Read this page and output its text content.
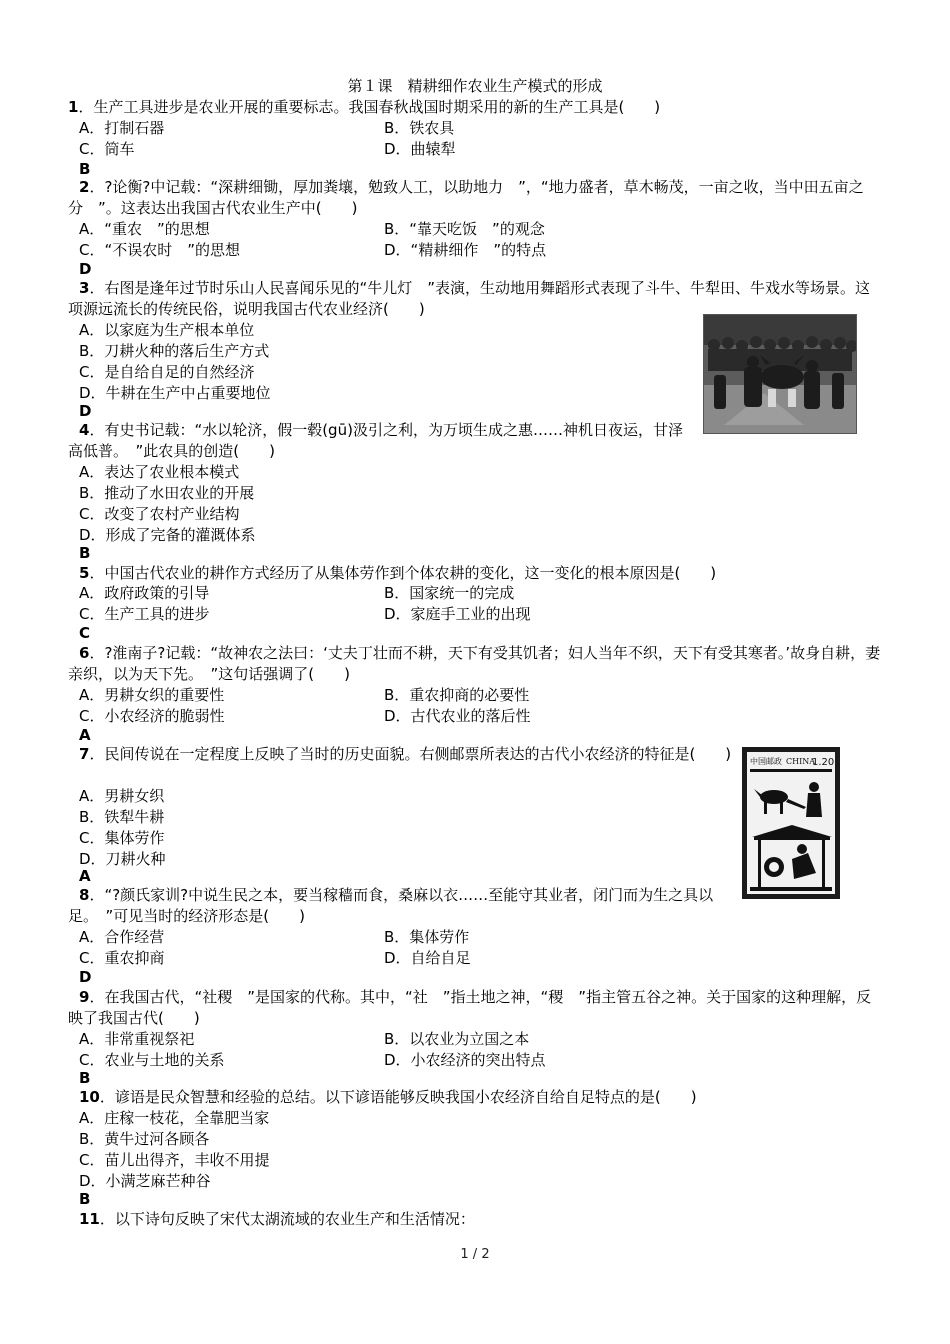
第１课　精耕细作农业生产模式的形成
1．生产工具进步是农业开展的重要标志。我国春秋战国时期采用的新的生产工具是(　　)
A．打制石器	B．铁农具
C．筒车	D．曲辕犁
B
2．?论衡?中记载：“深耕细锄，厚加粪壤，勉致人工，以助地力　”，“地力盛者，草木畅茂，一亩之收，当中田五亩之分　”。这表达出我国古代农业生产中(　　)
A．“重农　”的思想	B．“靠天吃饭　”的观念
C．“不误农时　”的思想	D．“精耕细作　”的特点
D
3．右图是逢年过节时乐山人民喜闻乐见的“牛儿灯　”表演，生动地用舞蹈形式表现了斗牛、牛犁田、牛戏水等场景。这项源远流长的传统民俗，说明我国古代农业经济(　　)
A．以家庭为生产根本单位
B．刀耕火种的落后生产方式
C．是自给自足的自然经济
D．牛耕在生产中占重要地位
D
4．有史书记载：“水以轮济，假一毂(gū)汲引之利，为万顷生成之惠……神机日夜运，甘泽高低普。　”此农具的创造(　　)
A．表达了农业根本模式
B．推动了水田农业的开展
C．改变了农村产业结构
D．形成了完备的灌溉体系
B
5．中国古代农业的耕作方式经历了从集体劳作到个体农耕的变化，这一变化的根本原因是(　　)
A．政府政策的引导	B．国家统一的完成
C．生产工具的进步	D．家庭手工业的出现
C
6．?淮南子?记载：“故神农之法曰：‘丈夫丁壮而不耕，天下有受其饥者；妇人当年不织，天下有受其寒者。’故身自耕，妻亲织，以为天下先。　”这句话强调了(　　)
A．男耕女织的重要性	B．重农抑商的必要性
C．小农经济的脆弱性	D．古代农业的落后性
A
7．民间传说在一定程度上反映了当时的历史面貌。右侧邮票所表达的古代小农经济的特征是(　　)
A．男耕女织
B．铁犁牛耕
C．集体劳作
D．刀耕火种
A
中国邮政 CHINA
1.20
8．“?颜氏家训?中说生民之本，要当稼穑而食，桑麻以衣……至能守其业者，闭门而为生之具以足。　”可见当时的经济形态是(　　)
A．合作经营	B．集体劳作
C．重农抑商	D．自给自足
D
9．在我国古代，“社稷　”是国家的代称。其中，“社　”指土地之神，“稷　”指主管五谷之神。关于国家的这种理解，反映了我国古代(　　)
A．非常重视祭祀	B．以农业为立国之本
C．农业与土地的关系	D．小农经济的突出特点
B
10．谚语是民众智慧和经验的总结。以下谚语能够反映我国小农经济自给自足特点的是(　　)
A．庄稼一枝花，全靠肥当家
B．黄牛过河各顾各
C．苗儿出得齐，丰收不用提
D．小满芝麻芒种谷
B
11．以下诗句反映了宋代太湖流域的农业生产和生活情况：
1 / 2
